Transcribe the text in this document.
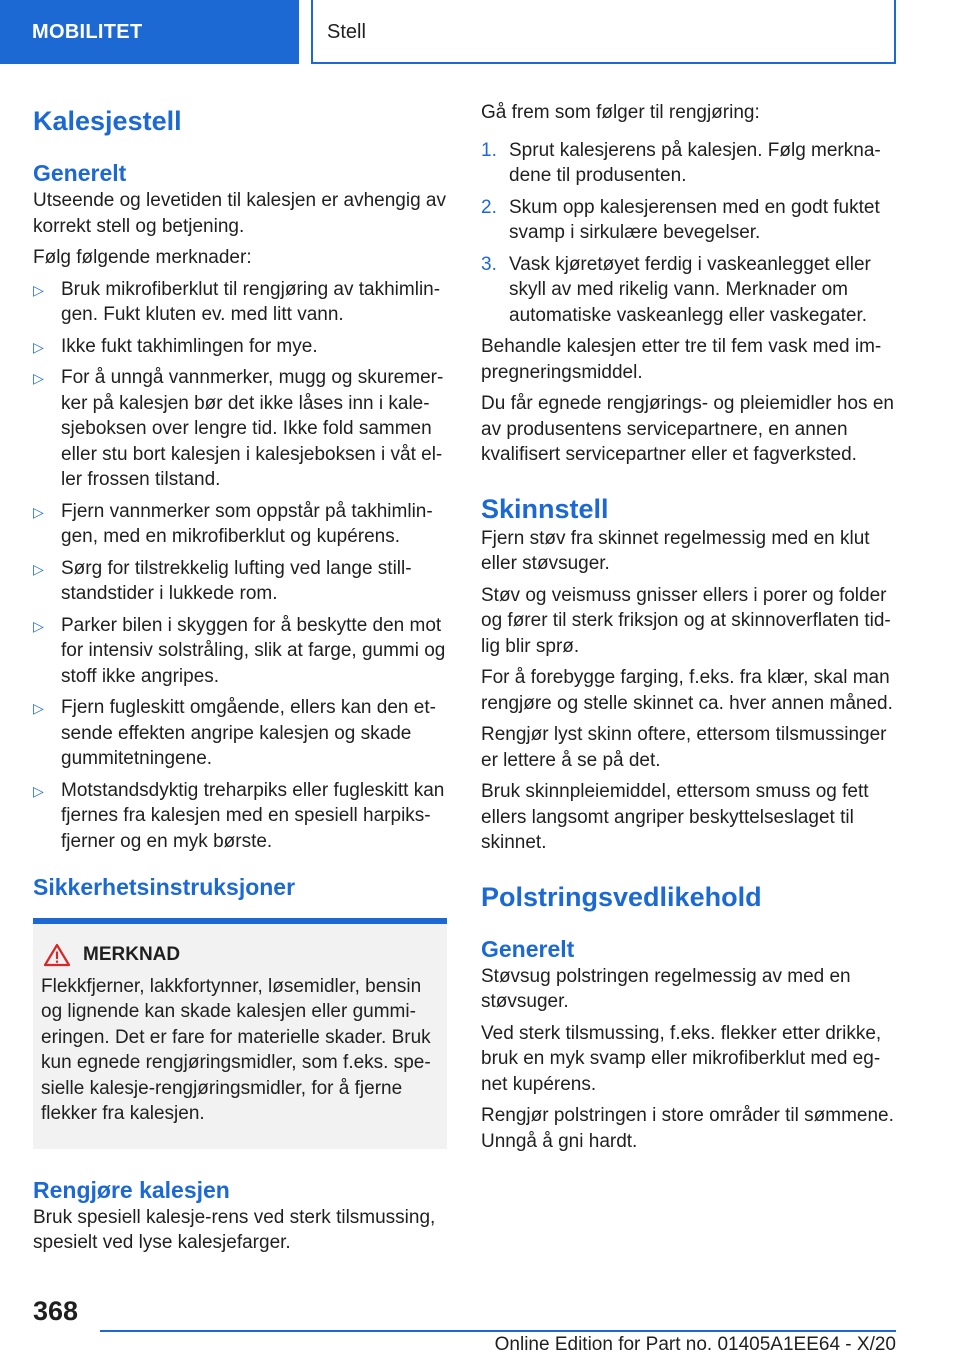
MOBILITET	Stell
Kalesjestell
Generelt

Utseende og levetiden til kalesjen er avhengig av korrekt stell og betjening.

Følg følgende merknader:

▷ Bruk mikrofiberklut til rengjøring av takhimlingen. Fukt kluten ev. med litt vann.
▷ Ikke fukt takhimlingen for mye.
▷ For å unngå vannmerker, mugg og skuremerker på kalesjen bør det ikke låses inn i kalesjeboksen over lengre tid. Ikke fold sammen eller stu bort kalesjen i kalesjeboksen i våt eller frossen tilstand.
▷ Fjern vannmerker som oppstår på takhimlingen, med en mikrofiberklut og kupérens.
▷ Sørg for tilstrekkelig lufting ved lange stillstandstider i lukkede rom.
▷ Parker bilen i skyggen for å beskytte den mot for intensiv solstråling, slik at farge, gummi og stoff ikke angripes.
▷ Fjern fugleskitt omgående, ellers kan den etsende effekten angripe kalesjen og skade gummitetningene.
▷ Motstandsdyktig treharpiks eller fugleskitt kan fjernes fra kalesjen med en spesiell harpiks-fjerner og en myk børste.
Sikkerhetsinstruksjoner
MERKNAD
Flekkfjerner, lakkfortynner, løsemidler, bensin og lignende kan skade kalesjen eller gummieringen. Det er fare for materielle skader. Bruk kun egnede rengjøringsmidler, som f.eks. spesielle kalesje-rengjøringsmidler, for å fjerne flekker fra kalesjen.
Rengjøre kalesjen

Bruk spesiell kalesje-rens ved sterk tilsmussing, spesielt ved lyse kalesjefarger.

Gå frem som følger til rengjøring:

1. Sprut kalesjerens på kalesjen. Følg merknadene til produsenten.
2. Skum opp kalesjerensen med en godt fuktet svamp i sirkulære bevegelser.
3. Vask kjøretøyet ferdig i vaskeanlegget eller skyll av med rikelig vann. Merknader om automatiske vaskeanlegg eller vaskegater.

Behandle kalesjen etter tre til fem vask med impregneringsmiddel.

Du får egnede rengjørings- og pleiemidler hos en av produsentens servicepartnere, en annen kvalifisert servicepartner eller et fagverksted.

Skinnstell

Fjern støv fra skinnet regelmessig med en klut eller støvsuger.

Støv og veismuss gnisser ellers i porer og folder og fører til sterk friksjon og at skinnoverflaten tidlig blir sprø.

For å forebygge farging, f.eks. fra klær, skal man rengjøre og stelle skinnet ca. hver annen måned.

Rengjør lyst skinn oftere, ettersom tilsmussinger er lettere å se på det.

Bruk skinnpleiemiddel, ettersom smuss og fett ellers langsomt angriper beskyttelseslaget til skinnet.

Polstringsvedlikehold
Generelt

Støvsug polstringen regelmessig av med en støvsuger.

Ved sterk tilsmussing, f.eks. flekker etter drikke, bruk en myk svamp eller mikrofiberklut med egnet kupérens.

Rengjør polstringen i store områder til sømmene. Unngå å gni hardt.

368
Online Edition for Part no. 01405A1EE64 - X/20
